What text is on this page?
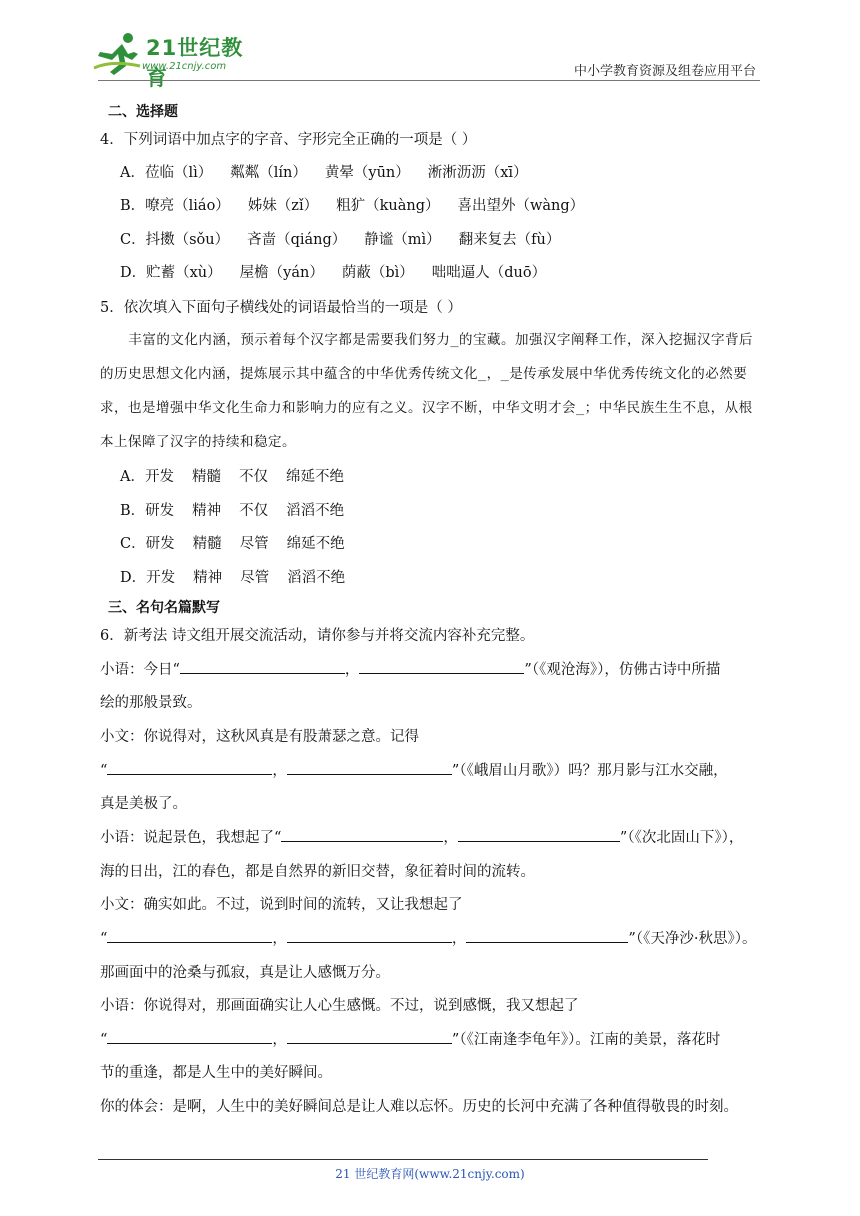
21世纪教育
www.21cnjy.com	中小学教育资源及组卷应用平台
二、选择题
4．下列词语中加点字的字音、字形完全正确的一项是（ ）
A．莅临（lì） 粼粼（lín） 黄晕（yūn） 淅淅沥沥（xī）
B．嘹亮（liáo） 姊妹（zǐ） 粗犷（kuàng） 喜出望外（wàng）
C．抖擞（sǒu） 吝啬（qiáng） 静谧（mì） 翻来复去（fù）
D．贮蓄（xù） 屋檐（yán） 荫蔽（bì） 咄咄逼人（duō）
5．依次填入下面句子横线处的词语最恰当的一项是（ ）
丰富的文化内涵，预示着每个汉字都是需要我们努力_的宝藏。加强汉字阐释工作，深入挖掘汉字背后的历史思想文化内涵，提炼展示其中蕴含的中华优秀传统文化_，_是传承发展中华优秀传统文化的必然要求，也是增强中华文化生命力和影响力的应有之义。汉字不断，中华文明才会_；中华民族生生不息，从根本上保障了汉字的持续和稳定。
A．开发 精髓 不仅 绵延不绝
B．研发 精神 不仅 滔滔不绝
C．研发 精髓 尽管 绵延不绝
D．开发 精神 尽管 滔滔不绝
三、名句名篇默写
6．新考法 诗文组开展交流活动，请你参与并将交流内容补充完整。
小语：今日“	，	”（《观沧海》），仿佛古诗中所描
绘的那般景致。
小文：你说得对，这秋风真是有股萧瑟之意。记得
“	，	”（《峨眉山月歌》）吗？那月影与江水交融，
真是美极了。
小语：说起景色，我想起了“	，	”（《次北固山下》），
海的日出，江的春色，都是自然界的新旧交替，象征着时间的流转。
小文：确实如此。不过，说到时间的流转，又让我想起了
“	，	，	”（《天净沙·秋思》）。
那画面中的沧桑与孤寂，真是让人感慨万分。
小语：你说得对，那画面确实让人心生感慨。不过，说到感慨，我又想起了
“	，	”（《江南逢李龟年》）。江南的美景，落花时
节的重逢，都是人生中的美好瞬间。
你的体会：是啊，人生中的美好瞬间总是让人难以忘怀。历史的长河中充满了各种值得敬畏的时刻。
21 世纪教育网(www.21cnjy.com)
